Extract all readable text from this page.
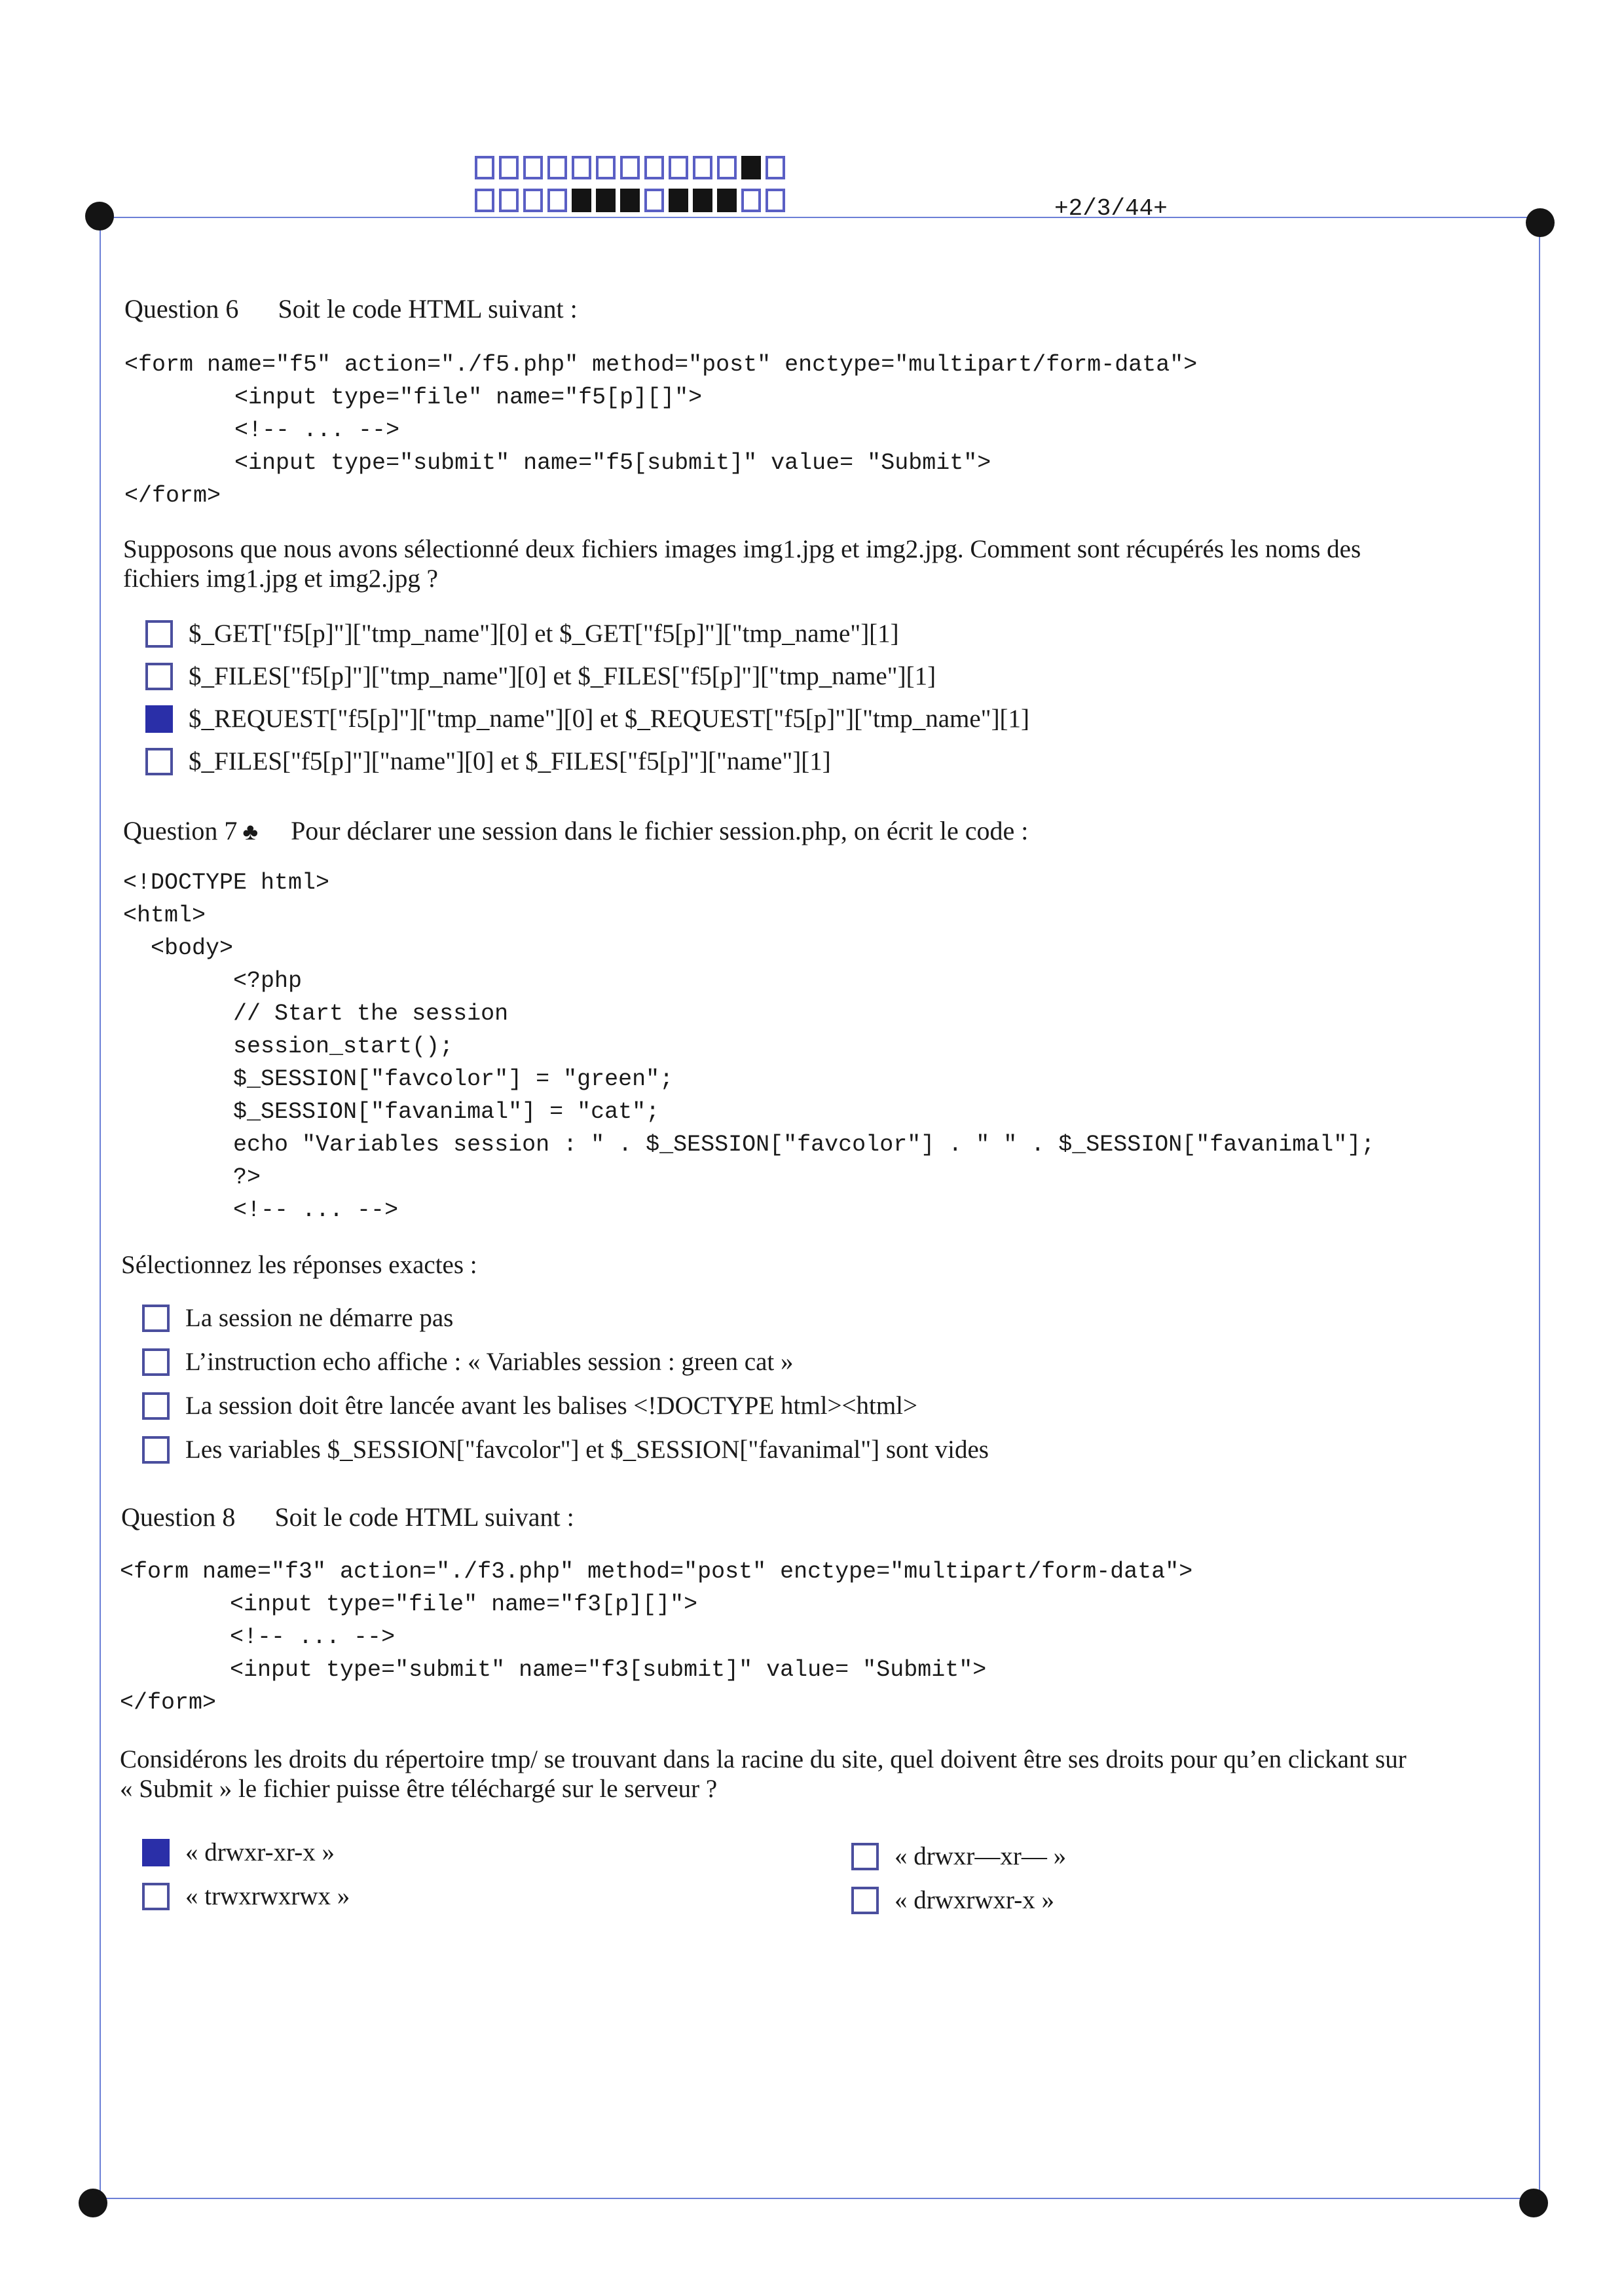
+2/3/44+
Question 6 Soit le code HTML suivant :
<form name="f5" action="./f5.php" method="post" enctype="multipart/form-data">
<input type="file" name="f5[p][]">
<!-- ... -->
<input type="submit" name="f5[submit]" value= "Submit">
</form>
Supposons que nous avons sélectionné deux fichiers images img1.jpg et img2.jpg. Comment sont récupérés les noms des
fichiers img1.jpg et img2.jpg ?
$_GET["f5[p]"]["tmp_name"][0] et $_GET["f5[p]"]["tmp_name"][1]
$_FILES["f5[p]"]["tmp_name"][0] et $_FILES["f5[p]"]["tmp_name"][1]
$_REQUEST["f5[p]"]["tmp_name"][0] et $_REQUEST["f5[p]"]["tmp_name"][1]
$_FILES["f5[p]"]["name"][0] et $_FILES["f5[p]"]["name"][1]
Question 7 ♣ Pour déclarer une session dans le fichier session.php, on écrit le code :
<!DOCTYPE html>
<html>
<body>
<?php
// Start the session
session_start();
$_SESSION["favcolor"] = "green";
$_SESSION["favanimal"] = "cat";
echo "Variables session : " . $_SESSION["favcolor"] . " " . $_SESSION["favanimal"];
?>
<!-- ... -->
Sélectionnez les réponses exactes :
La session ne démarre pas
L’instruction echo affiche : « Variables session : green cat »
La session doit être lancée avant les balises <!DOCTYPE html><html>
Les variables $_SESSION["favcolor"] et $_SESSION["favanimal"] sont vides
Question 8 Soit le code HTML suivant :
<form name="f3" action="./f3.php" method="post" enctype="multipart/form-data">
<input type="file" name="f3[p][]">
<!-- ... -->
<input type="submit" name="f3[submit]" value= "Submit">
</form>
Considérons les droits du répertoire tmp/ se trouvant dans la racine du site, quel doivent être ses droits pour qu’en clickant sur
« Submit » le fichier puisse être téléchargé sur le serveur ?
« drwxr-xr-x »	« drwxr—xr— »
« trwxrwxrwx »	« drwxrwxr-x »
